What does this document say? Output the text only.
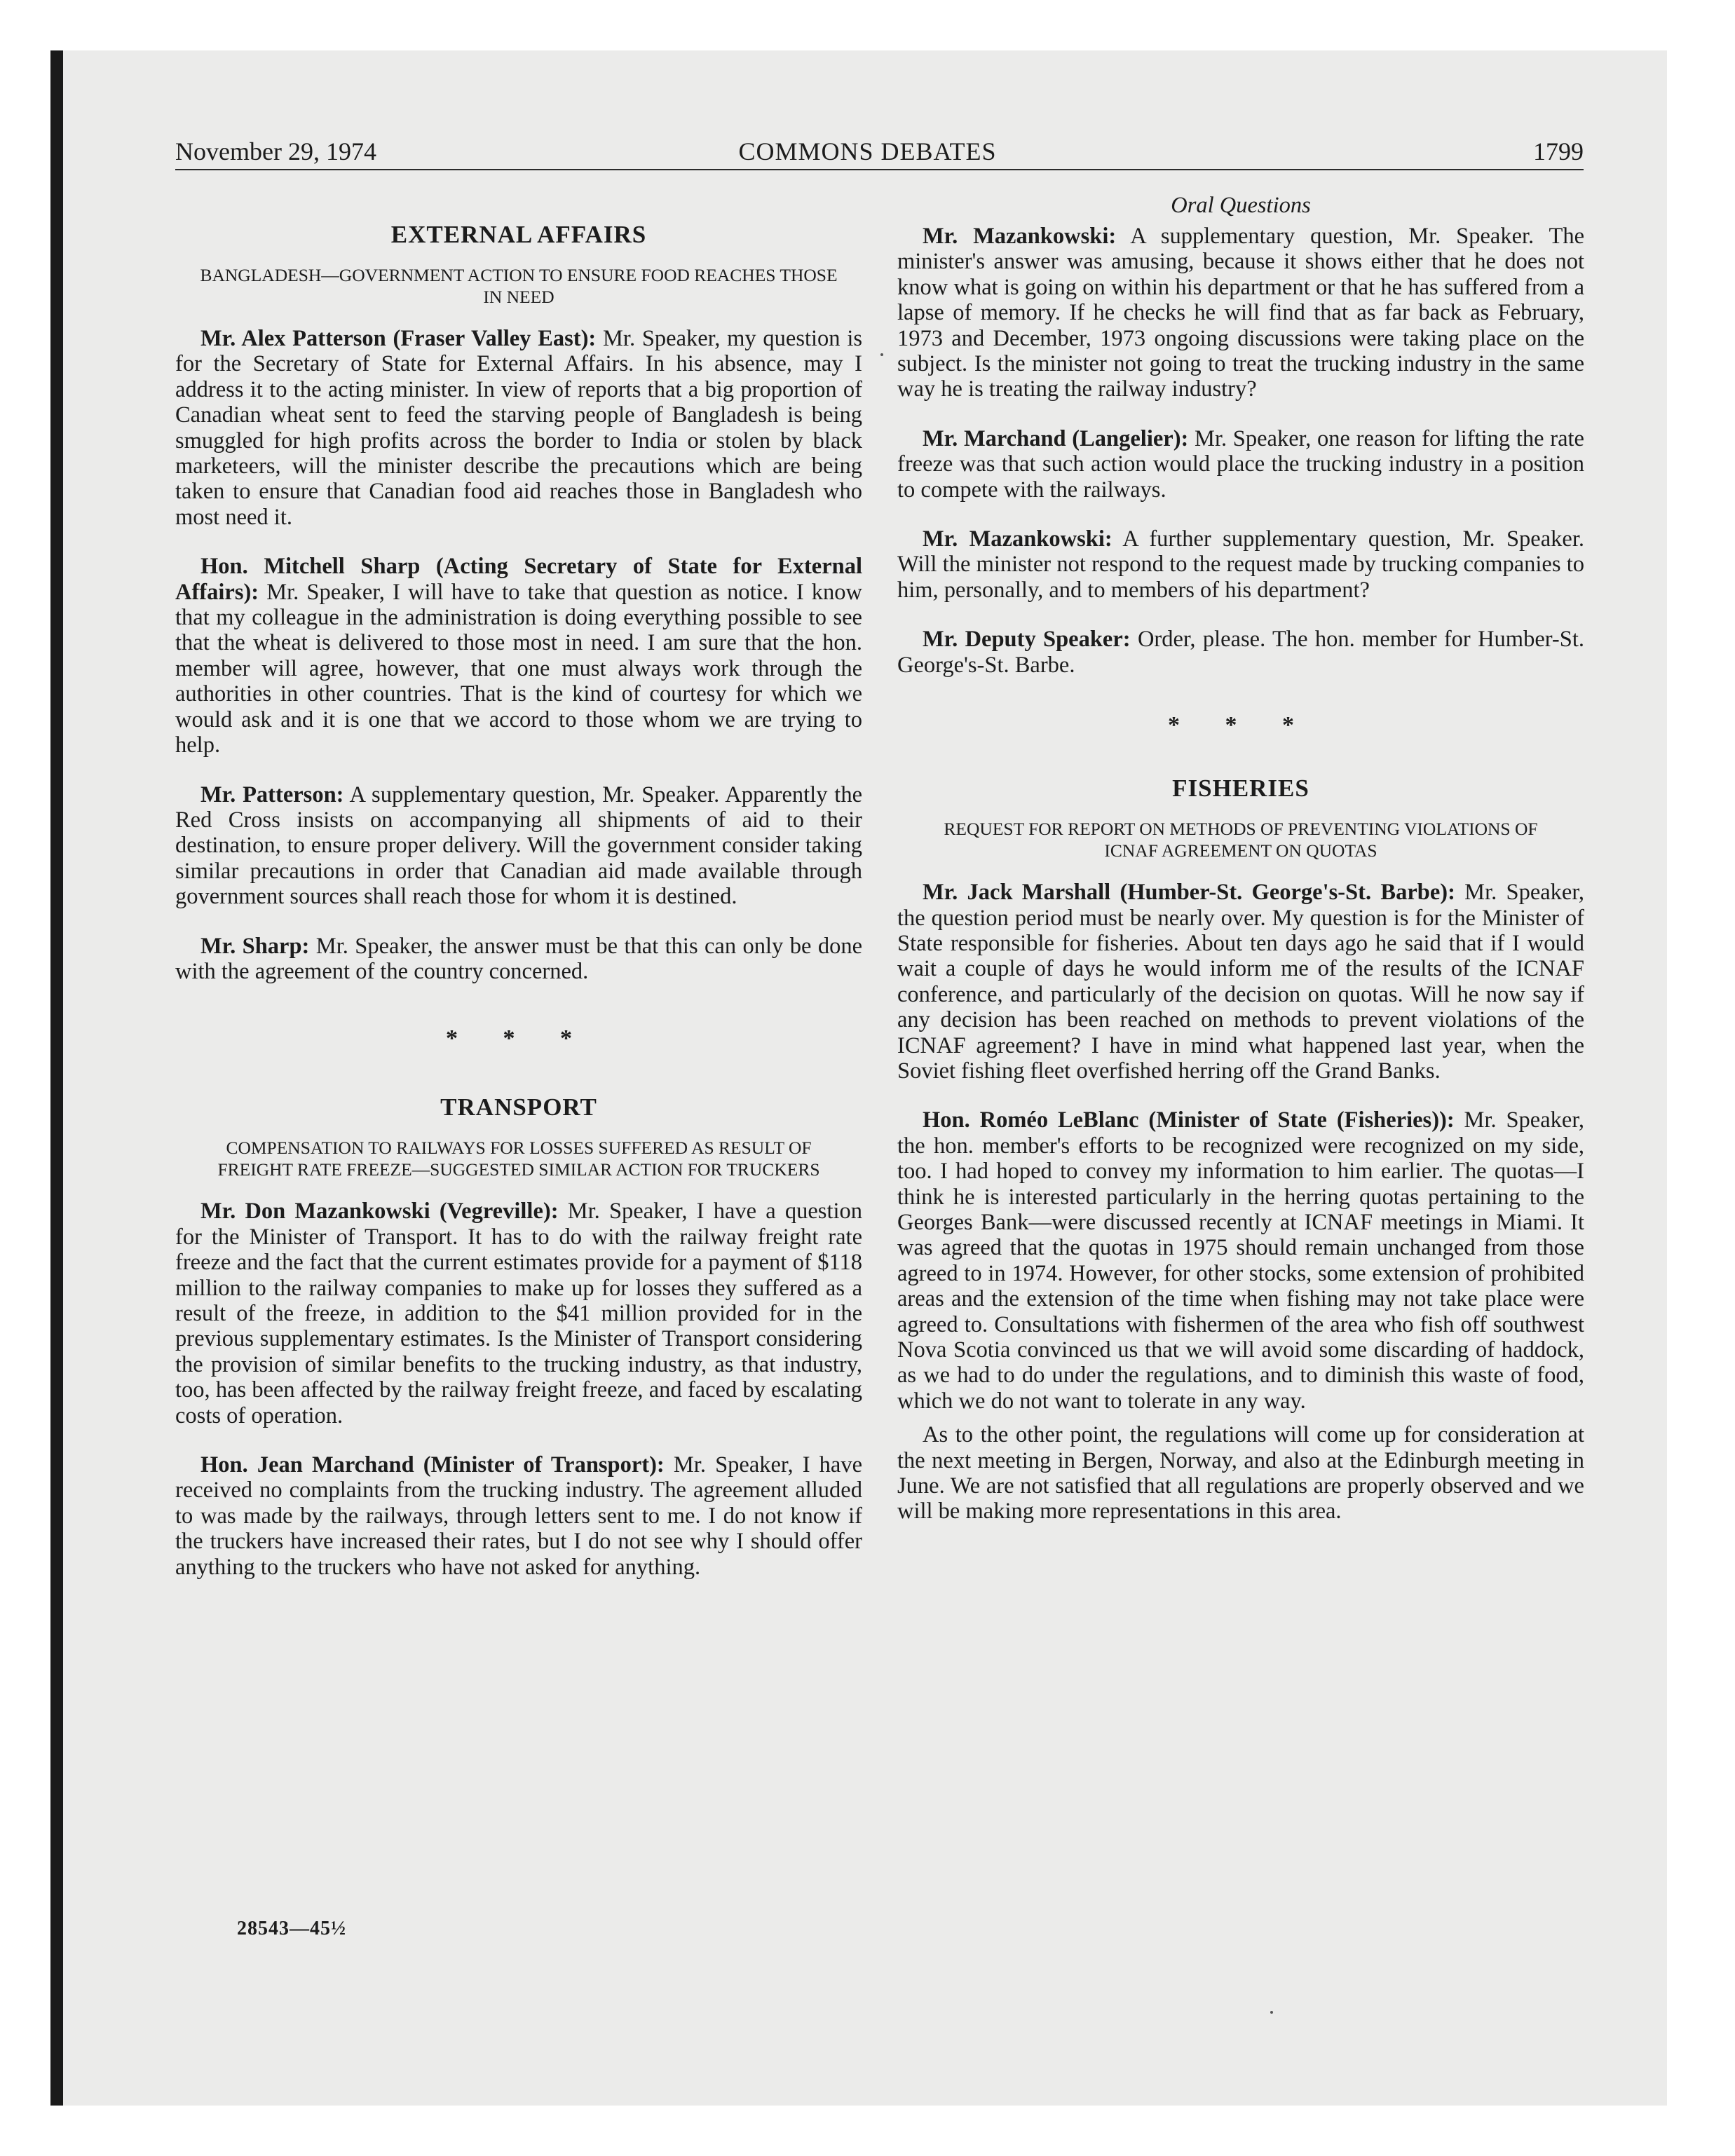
November 29, 1974	COMMONS DEBATES	1799
EXTERNAL AFFAIRS
BANGLADESH—GOVERNMENT ACTION TO ENSURE FOOD REACHES THOSE IN NEED

Mr. Alex Patterson (Fraser Valley East): Mr. Speaker, my question is for the Secretary of State for External Affairs. In his absence, may I address it to the acting minister. In view of reports that a big proportion of Canadian wheat sent to feed the starving people of Bangladesh is being smuggled for high profits across the border to India or stolen by black marketeers, will the minister describe the precautions which are being taken to ensure that Canadian food aid reaches those in Bangladesh who most need it.

Hon. Mitchell Sharp (Acting Secretary of State for External Affairs): Mr. Speaker, I will have to take that question as notice. I know that my colleague in the administration is doing everything possible to see that the wheat is delivered to those most in need. I am sure that the hon. member will agree, however, that one must always work through the authorities in other countries. That is the kind of courtesy for which we would ask and it is one that we accord to those whom we are trying to help.

Mr. Patterson: A supplementary question, Mr. Speaker. Apparently the Red Cross insists on accompanying all shipments of aid to their destination, to ensure proper delivery. Will the government consider taking similar precautions in order that Canadian aid made available through government sources shall reach those for whom it is destined.

Mr. Sharp: Mr. Speaker, the answer must be that this can only be done with the agreement of the country concerned.

* * *
TRANSPORT
COMPENSATION TO RAILWAYS FOR LOSSES SUFFERED AS RESULT OF FREIGHT RATE FREEZE—SUGGESTED SIMILAR ACTION FOR TRUCKERS

Mr. Don Mazankowski (Vegreville): Mr. Speaker, I have a question for the Minister of Transport. It has to do with the railway freight rate freeze and the fact that the current estimates provide for a payment of $118 million to the railway companies to make up for losses they suffered as a result of the freeze, in addition to the $41 million provided for in the previous supplementary estimates. Is the Minister of Transport considering the provision of similar benefits to the trucking industry, as that industry, too, has been affected by the railway freight freeze, and faced by escalating costs of operation.

Hon. Jean Marchand (Minister of Transport): Mr. Speaker, I have received no complaints from the trucking industry. The agreement alluded to was made by the railways, through letters sent to me. I do not know if the truckers have increased their rates, but I do not see why I should offer anything to the truckers who have not asked for anything.

Oral Questions

Mr. Mazankowski: A supplementary question, Mr. Speaker. The minister's answer was amusing, because it shows either that he does not know what is going on within his department or that he has suffered from a lapse of memory. If he checks he will find that as far back as February, 1973 and December, 1973 ongoing discussions were taking place on the subject. Is the minister not going to treat the trucking industry in the same way he is treating the railway industry?

Mr. Marchand (Langelier): Mr. Speaker, one reason for lifting the rate freeze was that such action would place the trucking industry in a position to compete with the railways.

Mr. Mazankowski: A further supplementary question, Mr. Speaker. Will the minister not respond to the request made by trucking companies to him, personally, and to members of his department?

Mr. Deputy Speaker: Order, please. The hon. member for Humber-St. George's-St. Barbe.

* * *
FISHERIES
REQUEST FOR REPORT ON METHODS OF PREVENTING VIOLATIONS OF ICNAF AGREEMENT ON QUOTAS

Mr. Jack Marshall (Humber-St. George's-St. Barbe): Mr. Speaker, the question period must be nearly over. My question is for the Minister of State responsible for fisheries. About ten days ago he said that if I would wait a couple of days he would inform me of the results of the ICNAF conference, and particularly of the decision on quotas. Will he now say if any decision has been reached on methods to prevent violations of the ICNAF agreement? I have in mind what happened last year, when the Soviet fishing fleet overfished herring off the Grand Banks.

Hon. Roméo LeBlanc (Minister of State (Fisheries)): Mr. Speaker, the hon. member's efforts to be recognized were recognized on my side, too. I had hoped to convey my information to him earlier. The quotas—I think he is interested particularly in the herring quotas pertaining to the Georges Bank—were discussed recently at ICNAF meetings in Miami. It was agreed that the quotas in 1975 should remain unchanged from those agreed to in 1974. However, for other stocks, some extension of prohibited areas and the extension of the time when fishing may not take place were agreed to. Consultations with fishermen of the area who fish off southwest Nova Scotia convinced us that we will avoid some discarding of haddock, as we had to do under the regulations, and to diminish this waste of food, which we do not want to tolerate in any way.

As to the other point, the regulations will come up for consideration at the next meeting in Bergen, Norway, and also at the Edinburgh meeting in June. We are not satisfied that all regulations are properly observed and we will be making more representations in this area.

28543—45½
